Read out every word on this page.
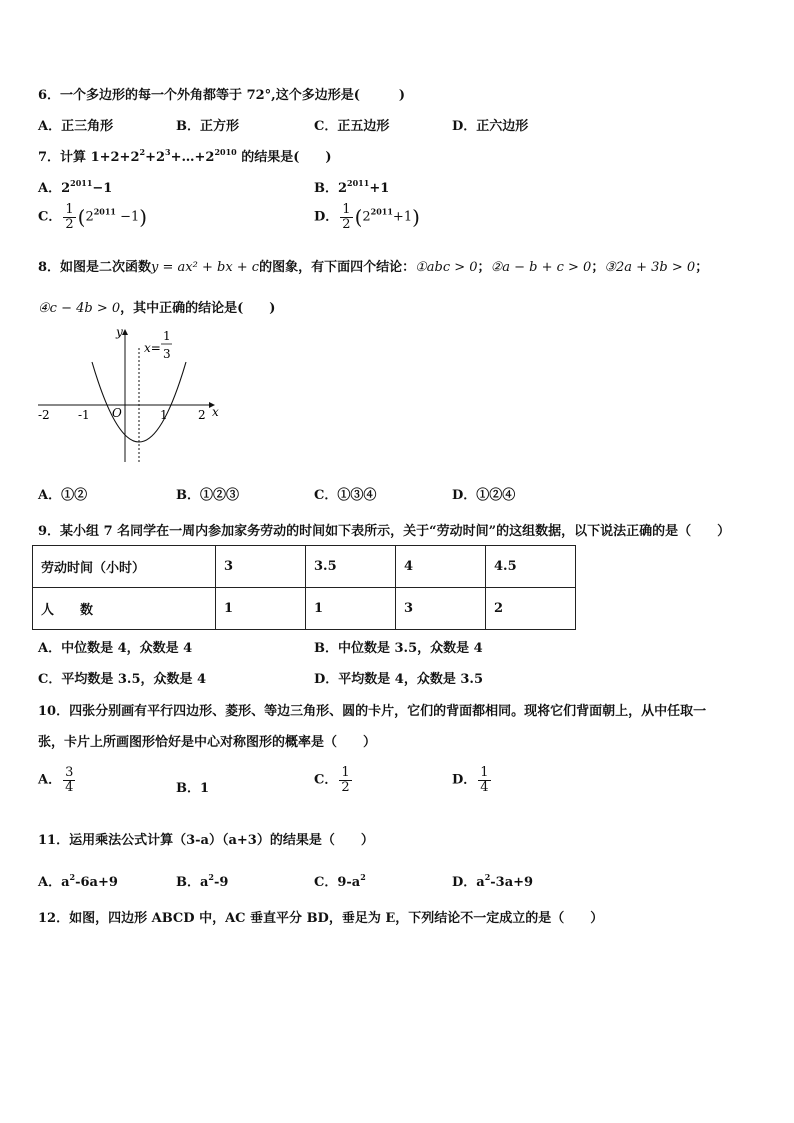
6．一个多边形的每一个外角都等于 72°,这个多边形是(　　　)
A．正三角形	B．正方形	C．正五边形	D．正六边形
7．计算 $1+2+2^2+2^3+\dots+2^{2010}$ 的结果是(　　)
A．$2^{2011}-1$	B．$2^{2011}+1$
C． $\frac{1}{2} (2^{2011} -1)$	D． $\frac{1}{2} (2^{2011}+1)$
8．如图是二次函数y = ax² + bx + c的图象，有下面四个结论：①abc > 0；②a − b + c > 0；③2a + 3b > 0；
④c − 4b > 0，其中正确的结论是(　　)
y
x
x=
1
3
-2 -1 O	1	2
A．①②	B．①②③	C．①③④	D．①②④
9．某小组 7 名同学在一周内参加家务劳动的时间如下表所示，关于“劳动时间”的这组数据，以下说法正确的是（　　）
劳动时间（小时）	3	3.5	4	4.5
人　　数	1	1	3	2
A．中位数是 4，众数是 4	B．中位数是 3.5，众数是 4
C．平均数是 3.5，众数是 4	D．平均数是 4，众数是 3.5
10．四张分别画有平行四边形、菱形、等边三角形、圆的卡片，它们的背面都相同。现将它们背面朝上，从中任取一
张，卡片上所画图形恰好是中心对称图形的概率是（　　）
A． $\frac{3}{4}$	B．1
C． $\frac{1}{2}$	D． $\frac{1}{4}$
11．运用乘法公式计算（3-a）（a+3）的结果是（　　）
A．$a^2-6a+9$	B．$a^2-9$	C．$9-a^2$	D．$a^2-3a+9$
12．如图，四边形 ABCD 中，AC 垂直平分 BD，垂足为 E，下列结论不一定成立的是（　　）
